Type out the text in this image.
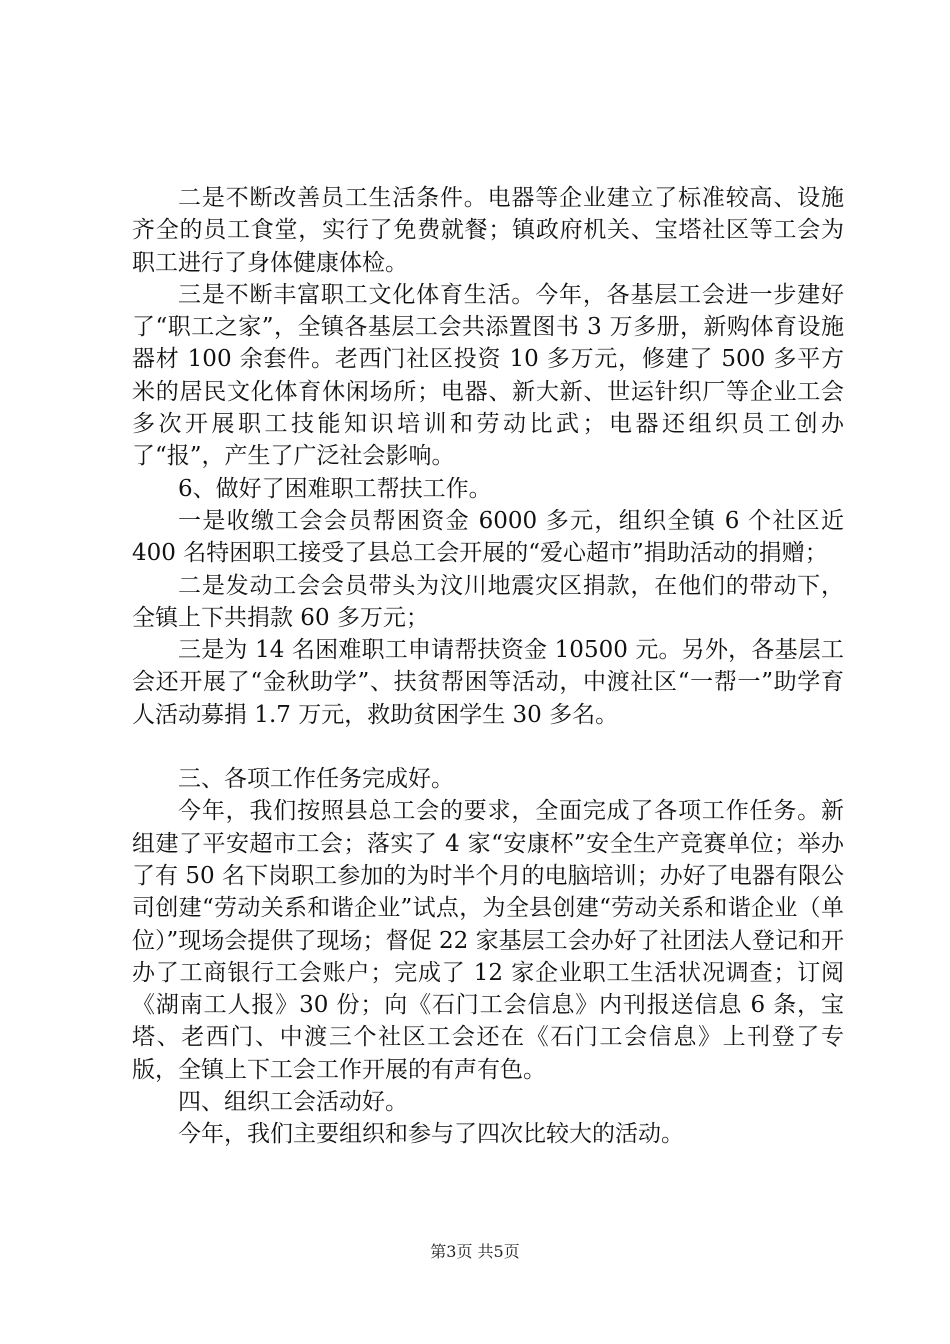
二是不断改善员工生活条件。电器等企业建立了标准较高、设施齐全的员工食堂，实行了免费就餐；镇政府机关、宝塔社区等工会为职工进行了身体健康体检。

三是不断丰富职工文化体育生活。今年，各基层工会进一步建好了“职工之家”，全镇各基层工会共添置图书 3 万多册，新购体育设施器材 100 余套件。老西门社区投资 10 多万元，修建了 500 多平方米的居民文化体育休闲场所；电器、新大新、世运针织厂等企业工会多次开展职工技能知识培训和劳动比武；电器还组织员工创办了“报”，产生了广泛社会影响。

6、做好了困难职工帮扶工作。

一是收缴工会会员帮困资金 6000 多元，组织全镇 6 个社区近 400 名特困职工接受了县总工会开展的“爱心超市”捐助活动的捐赠；

二是发动工会会员带头为汶川地震灾区捐款，在他们的带动下，全镇上下共捐款 60 多万元；

三是为 14 名困难职工申请帮扶资金 10500 元。另外，各基层工会还开展了“金秋助学”、扶贫帮困等活动，中渡社区“一帮一”助学育人活动募捐 1.7 万元，救助贫困学生 30 多名。

三、各项工作任务完成好。

今年，我们按照县总工会的要求，全面完成了各项工作任务。新组建了平安超市工会；落实了 4 家“安康杯”安全生产竞赛单位；举办了有 50 名下岗职工参加的为时半个月的电脑培训；办好了电器有限公司创建“劳动关系和谐企业”试点，为全县创建“劳动关系和谐企业（单位）”现场会提供了现场；督促 22 家基层工会办好了社团法人登记和开办了工商银行工会账户；完成了 12 家企业职工生活状况调查；订阅《湖南工人报》30 份；向《石门工会信息》内刊报送信息 6 条，宝塔、老西门、中渡三个社区工会还在《石门工会信息》上刊登了专版，全镇上下工会工作开展的有声有色。

四、组织工会活动好。

今年，我们主要组织和参与了四次比较大的活动。

第3页 共5页
